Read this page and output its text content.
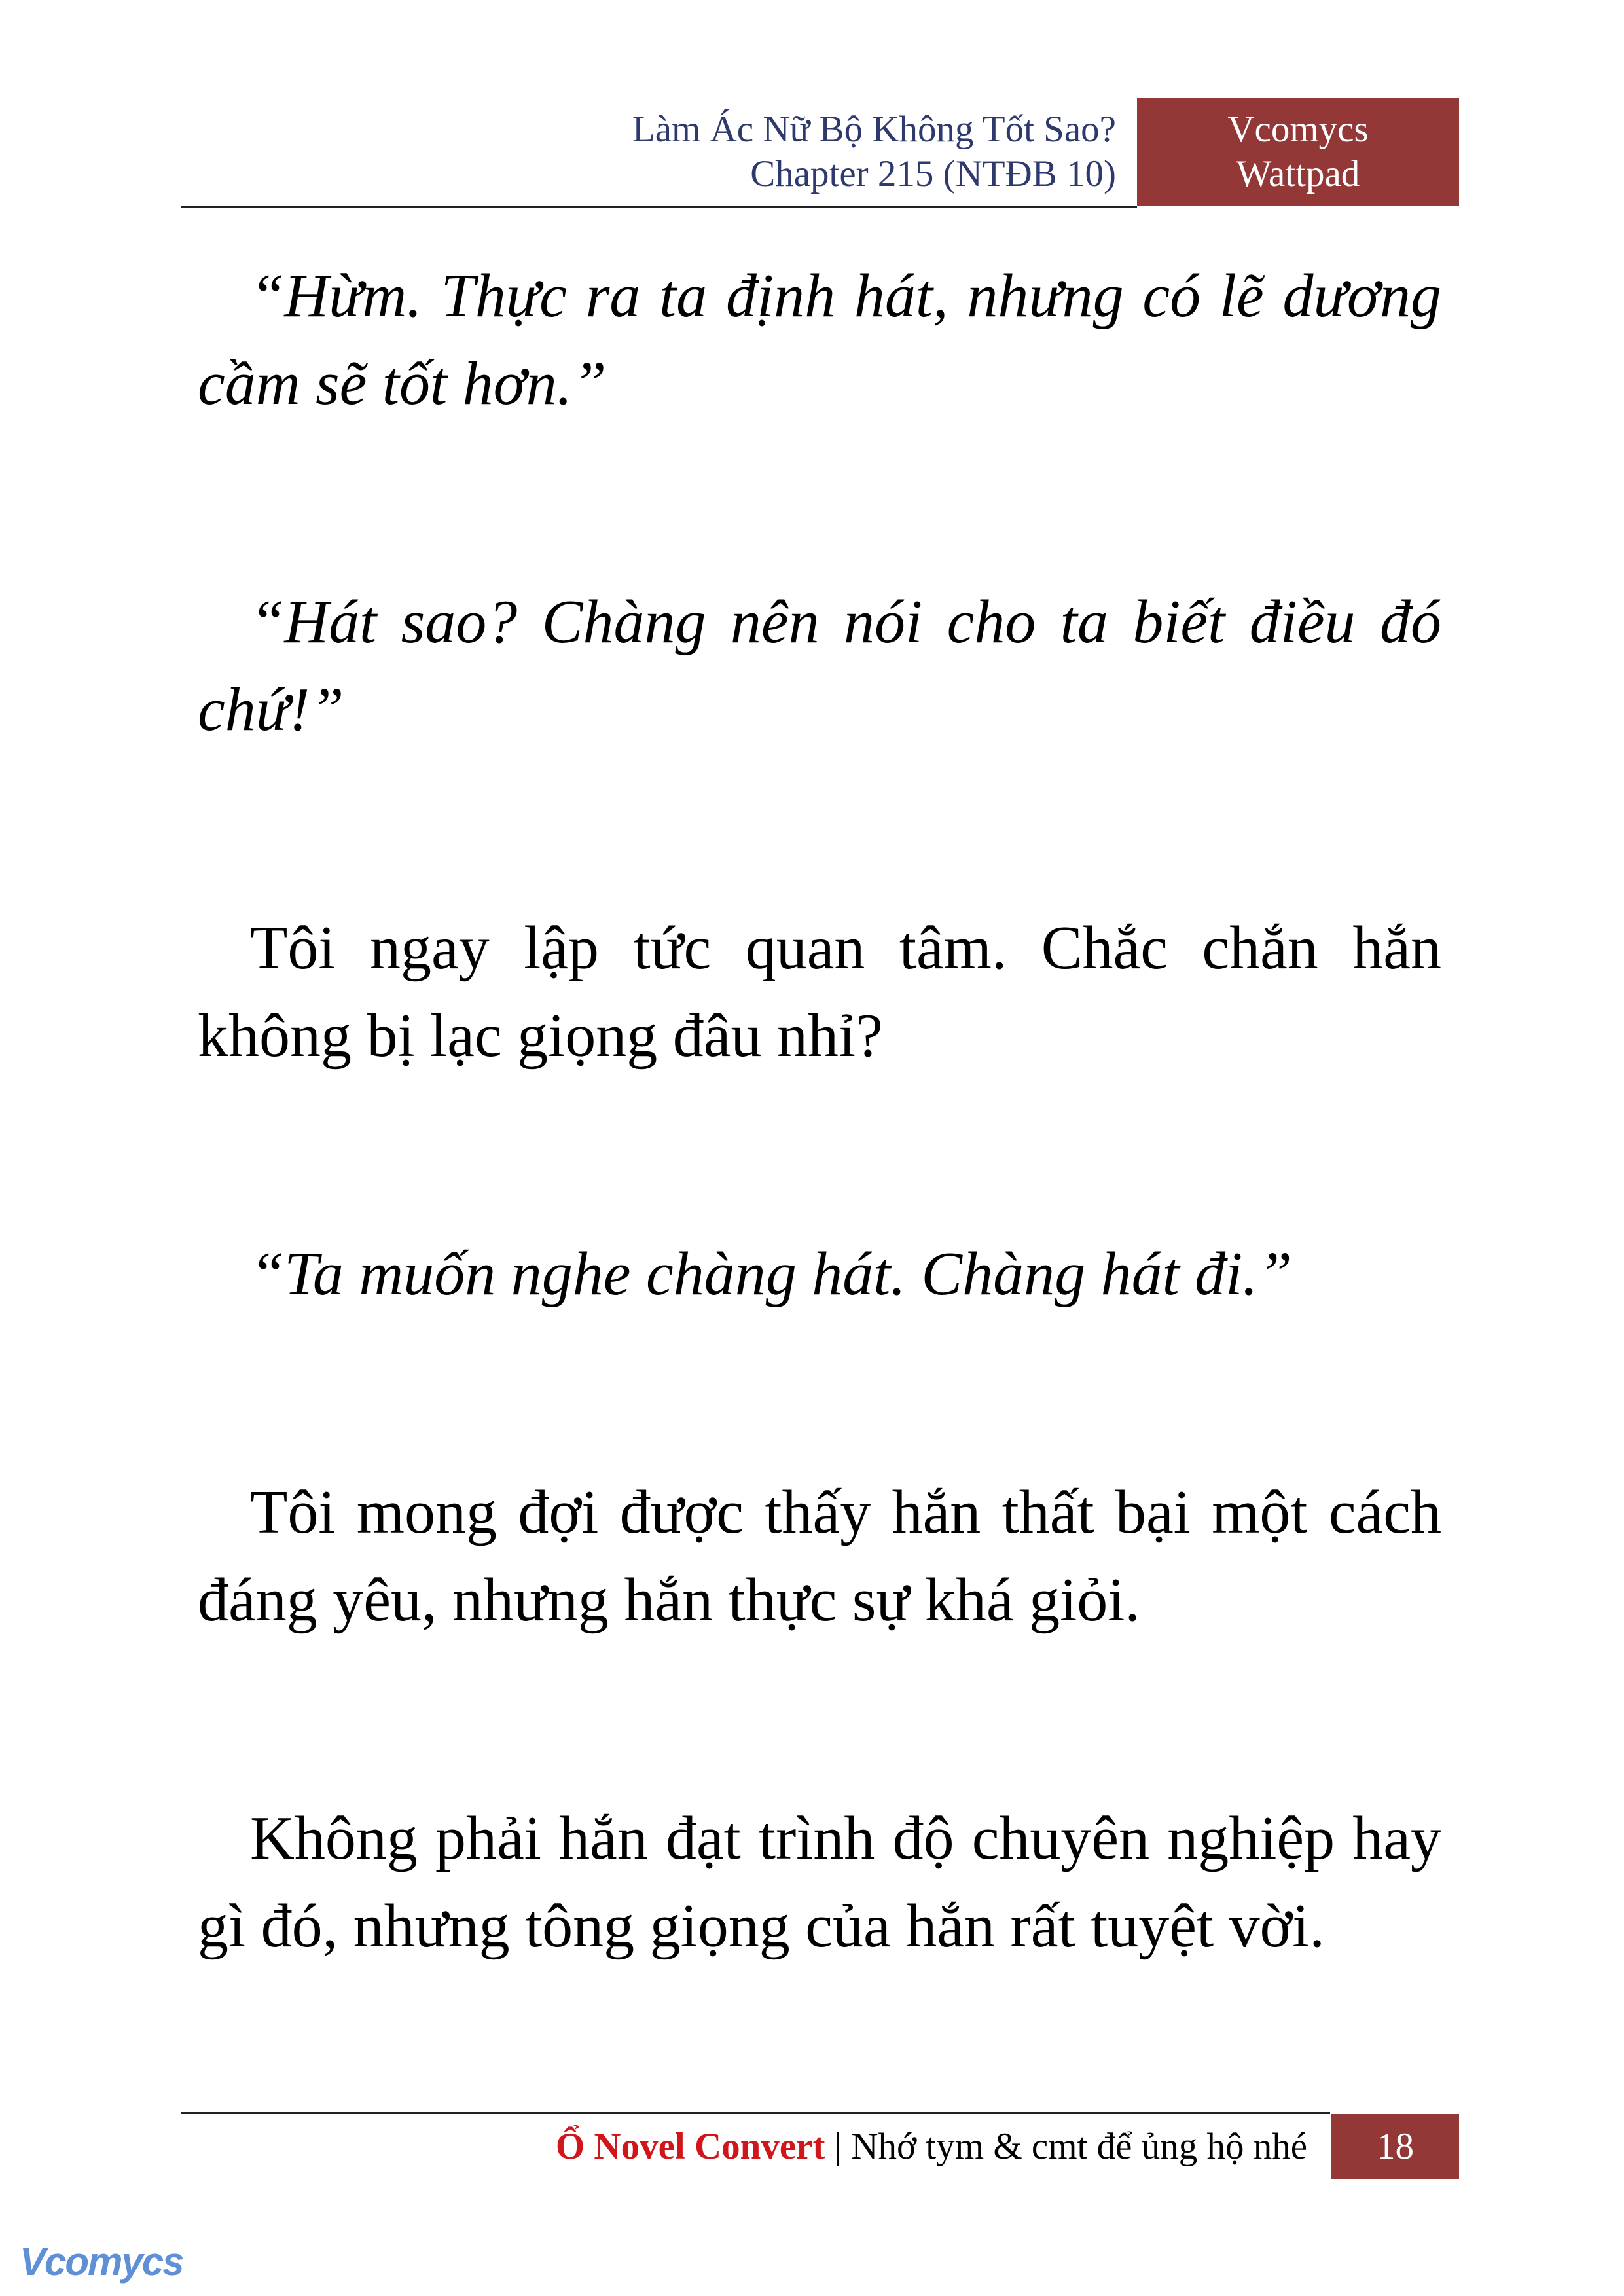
Làm Ác Nữ Bộ Không Tốt Sao?
Chapter 215 (NTĐB 10)
Vcomycs
Wattpad

“Hừm. Thực ra ta định hát, nhưng có lẽ dương cầm sẽ tốt hơn.”

“Hát sao? Chàng nên nói cho ta biết điều đó chứ!”

Tôi ngay lập tức quan tâm. Chắc chắn hắn không bị lạc giọng đâu nhỉ?

“Ta muốn nghe chàng hát. Chàng hát đi.”

Tôi mong đợi được thấy hắn thất bại một cách đáng yêu, nhưng hắn thực sự khá giỏi.

Không phải hắn đạt trình độ chuyên nghiệp hay gì đó, nhưng tông giọng của hắn rất tuyệt vời.

Ổ Novel Convert | Nhớ tym & cmt để ủng hộ nhé	18
Vcomycs
